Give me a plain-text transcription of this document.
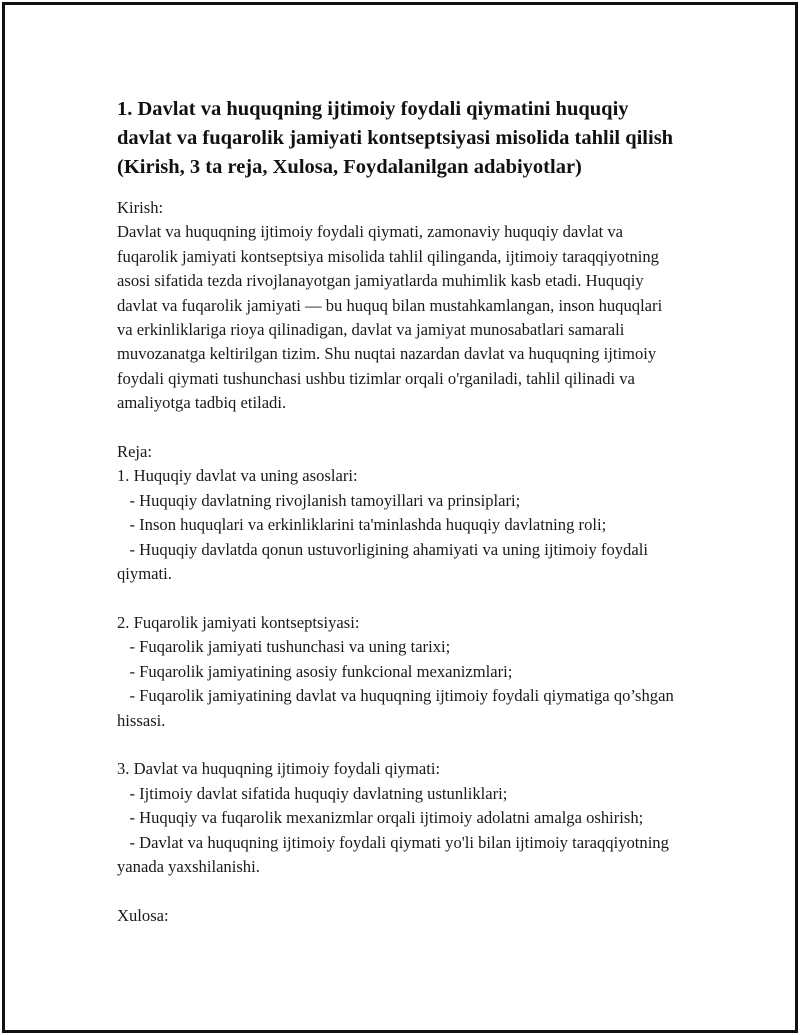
1. Davlat va huquqning ijtimoiy foydali qiymatini huquqiy davlat va fuqarolik jamiyati kontseptsiyasi misolida tahlil qilish (Kirish, 3 ta reja, Xulosa, Foydalanilgan adabiyotlar)

Kirish:

Davlat va huquqning ijtimoiy foydali qiymati, zamonaviy huquqiy davlat va fuqarolik jamiyati kontseptsiya misolida tahlil qilinganda, ijtimoiy taraqqiyotning asosi sifatida tezda rivojlanayotgan jamiyatlarda muhimlik kasb etadi. Huquqiy davlat va fuqarolik jamiyati — bu huquq bilan mustahkamlangan, inson huquqlari va erkinliklariga rioya qilinadigan, davlat va jamiyat munosabatlari samarali muvozanatga keltirilgan tizim. Shu nuqtai nazardan davlat va huquqning ijtimoiy foydali qiymati tushunchasi ushbu tizimlar orqali o'rganiladi, tahlil qilinadi va amaliyotga tadbiq etiladi.

Reja:

1. Huquqiy davlat va uning asoslari:

- Huquqiy davlatning rivojlanish tamoyillari va prinsiplari;

- Inson huquqlari va erkinliklarini ta'minlashda huquqiy davlatning roli;

- Huquqiy davlatda qonun ustuvorligining ahamiyati va uning ijtimoiy foydali qiymati.

2. Fuqarolik jamiyati kontseptsiyasi:

- Fuqarolik jamiyati tushunchasi va uning tarixi;

- Fuqarolik jamiyatining asosiy funkcional mexanizmlari;

- Fuqarolik jamiyatining davlat va huquqning ijtimoiy foydali qiymatiga qo’shgan hissasi.

3. Davlat va huquqning ijtimoiy foydali qiymati:

- Ijtimoiy davlat sifatida huquqiy davlatning ustunliklari;

- Huquqiy va fuqarolik mexanizmlar orqali ijtimoiy adolatni amalga oshirish;

- Davlat va huquqning ijtimoiy foydali qiymati yo'li bilan ijtimoiy taraqqiyotning yanada yaxshilanishi.

Xulosa:
